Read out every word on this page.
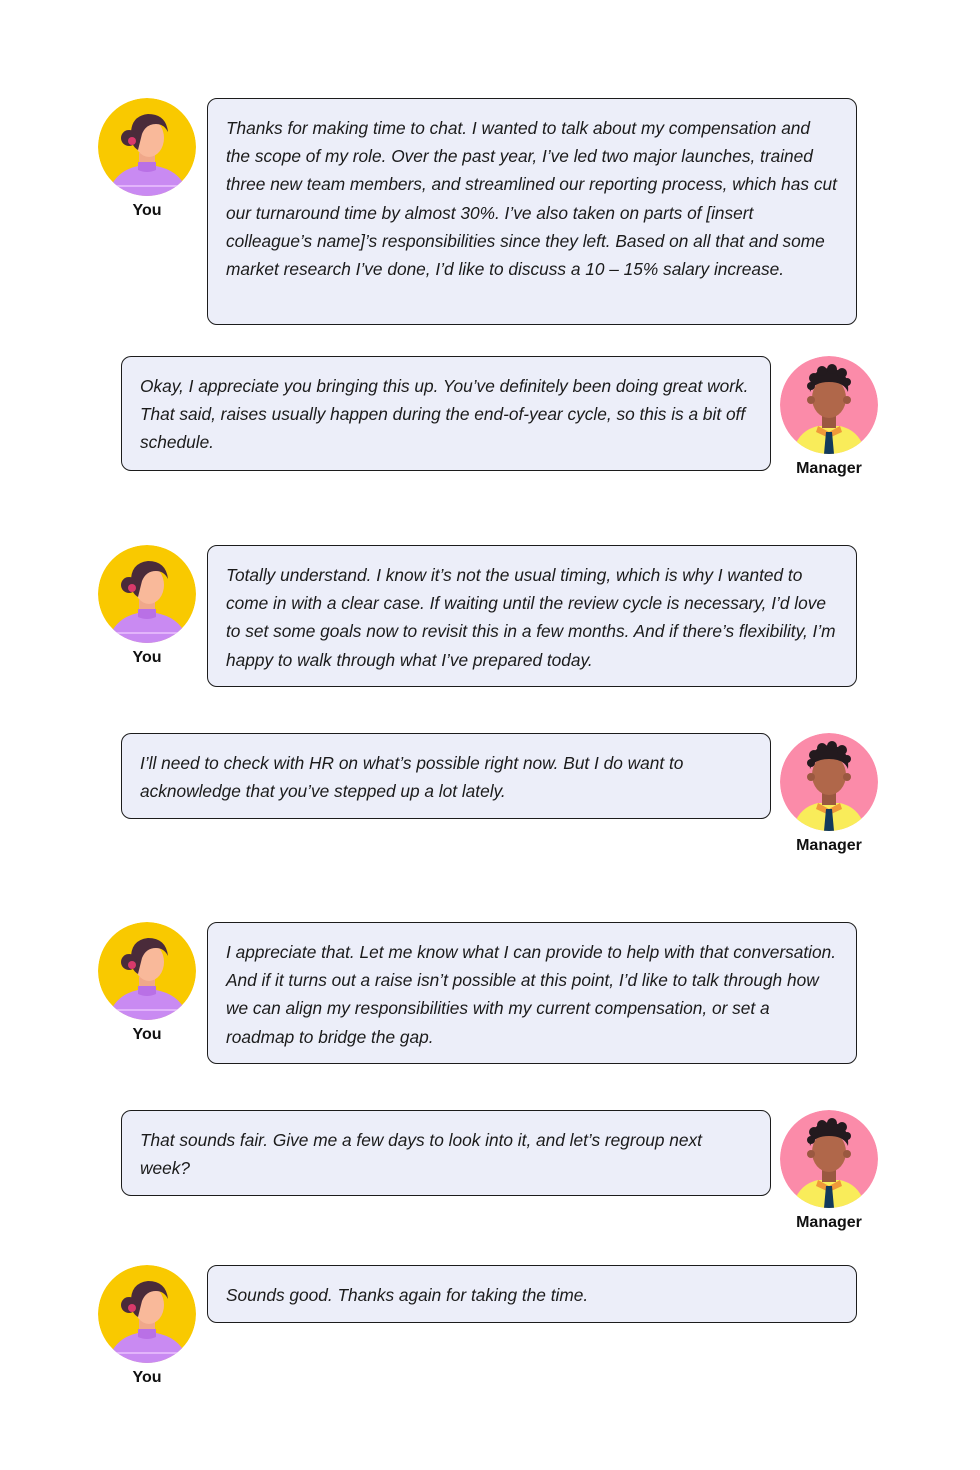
You
Thanks for making time to chat. I wanted to talk about my compensation and the scope of my role. Over the past year, I’ve led two major launches, trained three new team members, and streamlined our reporting process, which has cut our turnaround time by almost 30%. I’ve also taken on parts of [insert colleague’s name]’s responsibilities since they left. Based on all that and some market research I’ve done, I’d like to discuss a 10 – 15% salary increase.
Okay, I appreciate you bringing this up. You’ve definitely been doing great work. That said, raises usually happen during the end-of-year cycle, so this is a bit off schedule.
Manager
You
Totally understand. I know it’s not the usual timing, which is why I wanted to come in with a clear case. If waiting until the review cycle is necessary, I’d love to set some goals now to revisit this in a few months. And if there’s flexibility, I’m happy to walk through what I’ve prepared today.
I’ll need to check with HR on what’s possible right now. But I do want to acknowledge that you’ve stepped up a lot lately.
Manager
You
I appreciate that. Let me know what I can provide to help with that conversation. And if it turns out a raise isn’t possible at this point, I’d like to talk through how we can align my responsibilities with my current compensation, or set a roadmap to bridge the gap.
That sounds fair. Give me a few days to look into it, and let’s regroup next week?
Manager
You
Sounds good. Thanks again for taking the time.
